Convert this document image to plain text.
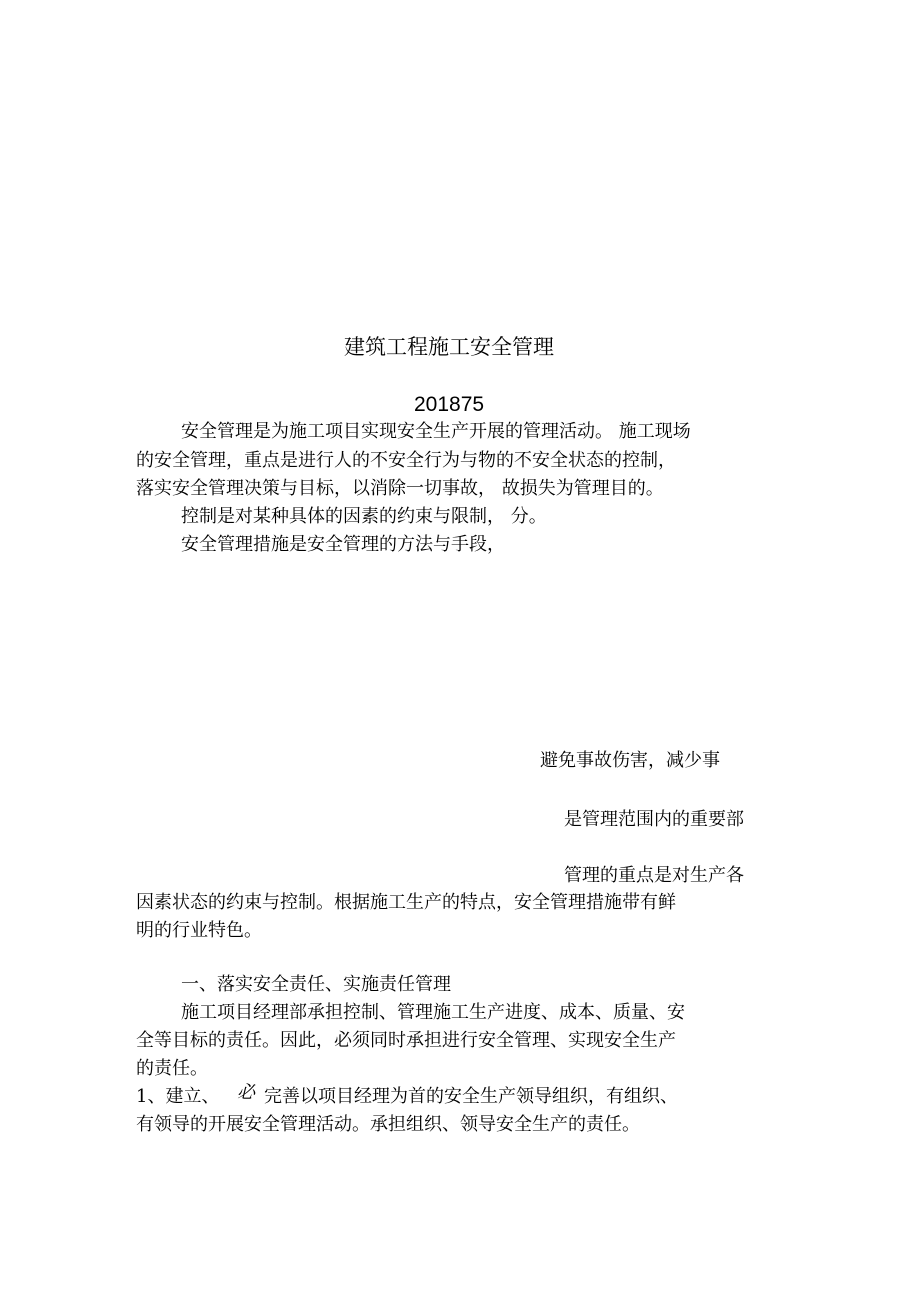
建筑工程施工安全管理
201875
安全管理是为施工项目实现安全生产开展的管理活动。 施工现场
的安全管理，重点是进行人的不安全行为与物的不安全状态的控制，
落实安全管理决策与目标，以消除一切事故， 故损失为管理目的。
控制是对某种具体的因素的约束与限制， 分。
安全管理措施是安全管理的方法与手段，
避免事故伤害，减少事
是管理范围内的重要部
管理的重点是对生产各
因素状态的约束与控制。根据施工生产的特点，安全管理措施带有鲜
明的行业特色。
一、落实安全责任、实施责任管理
施工项目经理部承担控制、管理施工生产进度、成本、质量、安
全等目标的责任。因此，必须同时承担进行安全管理、实现安全生产
的责任。
1、建立、 必 完善以项目经理为首的安全生产领导组织，有组织、
有领导的开展安全管理活动。承担组织、领导安全生产的责任。
